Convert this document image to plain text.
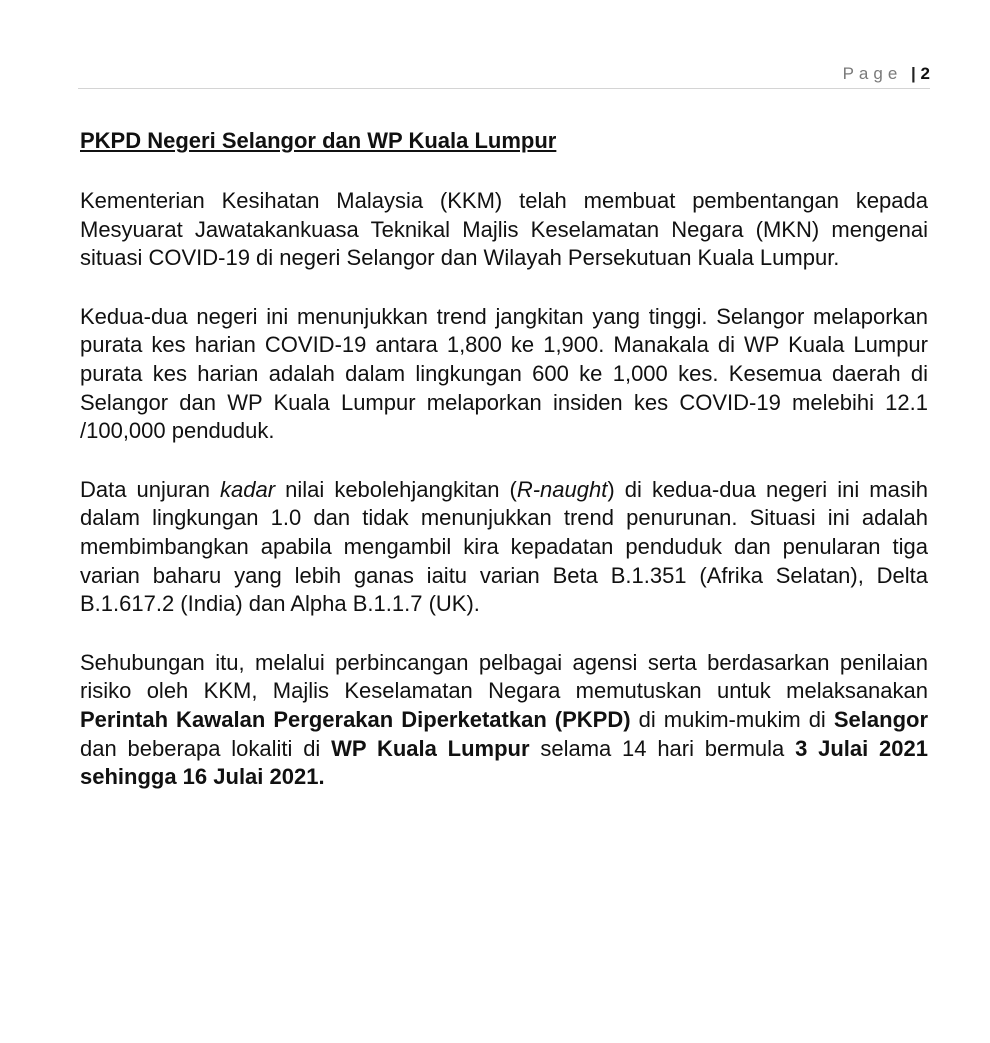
Page | 2
PKPD Negeri Selangor dan WP Kuala Lumpur

Kementerian Kesihatan Malaysia (KKM) telah membuat pembentangan kepada Mesyuarat Jawatakankuasa Teknikal Majlis Keselamatan Negara (MKN) mengenai situasi COVID-19 di negeri Selangor dan Wilayah Persekutuan Kuala Lumpur.

Kedua-dua negeri ini menunjukkan trend jangkitan yang tinggi. Selangor melaporkan purata kes harian COVID-19 antara 1,800 ke 1,900. Manakala di WP Kuala Lumpur purata kes harian adalah dalam lingkungan 600 ke 1,000 kes. Kesemua daerah di Selangor dan WP Kuala Lumpur melaporkan insiden kes COVID-19 melebihi 12.1 /100,000 penduduk.

Data unjuran kadar nilai kebolehjangkitan (R-naught) di kedua-dua negeri ini masih dalam lingkungan 1.0 dan tidak menunjukkan trend penurunan. Situasi ini adalah membimbangkan apabila mengambil kira kepadatan penduduk dan penularan tiga varian baharu yang lebih ganas iaitu varian Beta B.1.351 (Afrika Selatan), Delta B.1.617.2 (India) dan Alpha B.1.1.7 (UK).

Sehubungan itu, melalui perbincangan pelbagai agensi serta berdasarkan penilaian risiko oleh KKM, Majlis Keselamatan Negara memutuskan untuk melaksanakan Perintah Kawalan Pergerakan Diperketatkan (PKPD) di mukim-mukim di Selangor dan beberapa lokaliti di WP Kuala Lumpur selama 14 hari bermula 3 Julai 2021 sehingga 16 Julai 2021.
